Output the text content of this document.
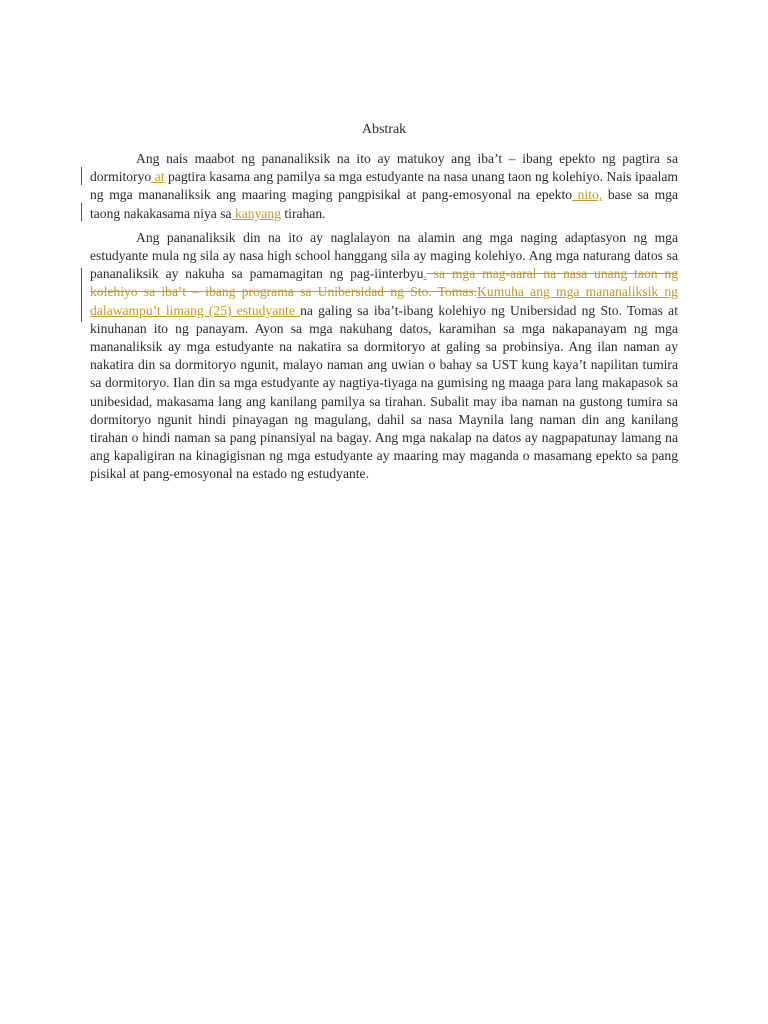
Abstrak

Ang nais maabot ng pananaliksik na ito ay matukoy ang iba’t – ibang epekto ng pagtira sa dormitoryo at pagtira kasama ang pamilya sa mga estudyante na nasa unang taon ng kolehiyo. Nais ipaalam ng mga mananaliksik ang maaring maging pangpisikal at pang-emosyonal na epekto nito, base sa mga taong nakakasama niya sa kanyang tirahan.

Ang pananaliksik din na ito ay naglalayon na alamin ang mga naging adaptasyon ng mga estudyante mula ng sila ay nasa high school hanggang sila ay maging kolehiyo. Ang mga naturang datos sa pananaliksik ay nakuha sa pamamagitan ng pag-iinterbyu. sa mga mag-aaral na nasa unang taon ng kolehiyo sa iba’t – ibang programa sa Unibersidad ng Sto. Tomas.Kumuha ang mga mananaliksik ng dalawampu’t limang (25) estudyante na galing sa iba’t-ibang kolehiyo ng Unibersidad ng Sto. Tomas at kinuhanan ito ng panayam. Ayon sa mga nakuhang datos, karamihan sa mga nakapanayam ng mga mananaliksik ay mga estudyante na nakatira sa dormitoryo at galing sa probinsiya. Ang ilan naman ay nakatira din sa dormitoryo ngunit, malayo naman ang uwian o bahay sa UST kung kaya’t napilitan tumira sa dormitoryo. Ilan din sa mga estudyante ay nagtiya-tiyaga na gumising ng maaga para lang makapasok sa unibesidad, makasama lang ang kanilang pamilya sa tirahan. Subalit may iba naman na gustong tumira sa dormitoryo ngunit hindi pinayagan ng magulang, dahil sa nasa Maynila lang naman din ang kanilang tirahan o hindi naman sa pang pinansiyal na bagay. Ang mga nakalap na datos ay nagpapatunay lamang na ang kapaligiran na kinagigisnan ng mga estudyante ay maaring may maganda o masamang epekto sa pang pisikal at pang-emosyonal na estado ng estudyante.
